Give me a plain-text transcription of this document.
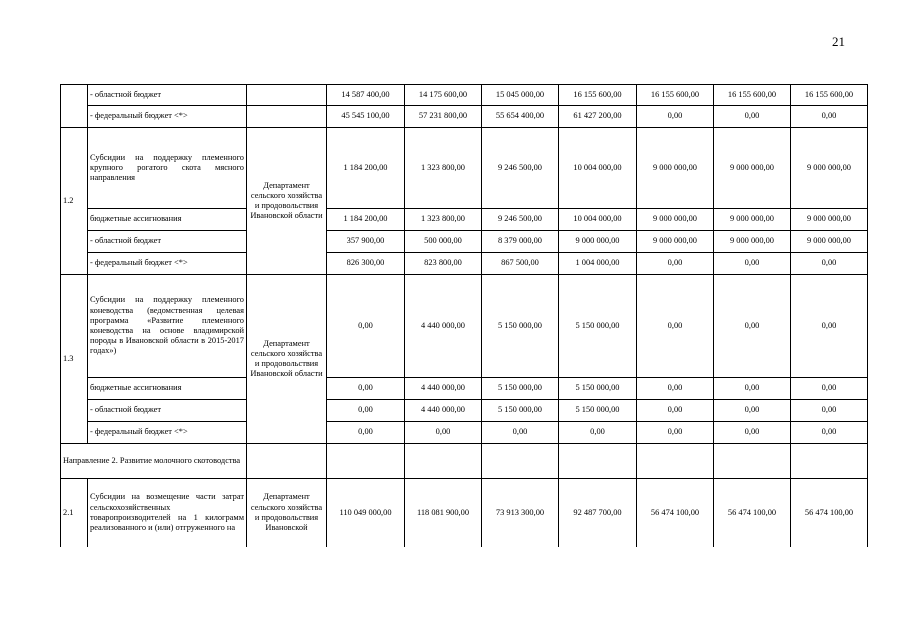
21
	- областной бюджет		14 587 400,00	14 175 600,00	15 045 000,00	16 155 600,00	16 155 600,00	16 155 600,00	16 155 600,00
	- федеральный бюджет <*>		45 545 100,00	57 231 800,00	55 654 400,00	61 427 200,00	0,00	0,00	0,00
1.2	Субсидии на поддержку племенного крупного рогатого скота мясного направления	Департамент сельского хозяйства и продовольствия Ивановской области	1 184 200,00	1 323 800,00	9 246 500,00	10 004 000,00	9 000 000,00	9 000 000,00	9 000 000,00
	бюджетные ассигнования		1 184 200,00	1 323 800,00	9 246 500,00	10 004 000,00	9 000 000,00	9 000 000,00	9 000 000,00
	- областной бюджет		357 900,00	500 000,00	8 379 000,00	9 000 000,00	9 000 000,00	9 000 000,00	9 000 000,00
	- федеральный бюджет <*>		826 300,00	823 800,00	867 500,00	1 004 000,00	0,00	0,00	0,00
1.3	Субсидии на поддержку племенного коневодства (ведомственная целевая программа «Развитие племенного коневодства на основе владимирской породы в Ивановской области в 2015-2017 годах»)	Департамент сельского хозяйства и продовольствия Ивановской области	0,00	4 440 000,00	5 150 000,00	5 150 000,00	0,00	0,00	0,00
	бюджетные ассигнования		0,00	4 440 000,00	5 150 000,00	5 150 000,00	0,00	0,00	0,00
	- областной бюджет		0,00	4 440 000,00	5 150 000,00	5 150 000,00	0,00	0,00	0,00
	- федеральный бюджет <*>		0,00	0,00	0,00	0,00	0,00	0,00	0,00
Направление 2. Развитие молочного скотоводства									
2.1	Субсидии на возмещение части затрат сельскохозяйственных товаропроизводителей на 1 килограмм реализованного и (или) отгруженного на	Департамент сельского хозяйства и продовольствия Ивановской	110 049 000,00	118 081 900,00	73 913 300,00	92 487 700,00	56 474 100,00	56 474 100,00	56 474 100,00
